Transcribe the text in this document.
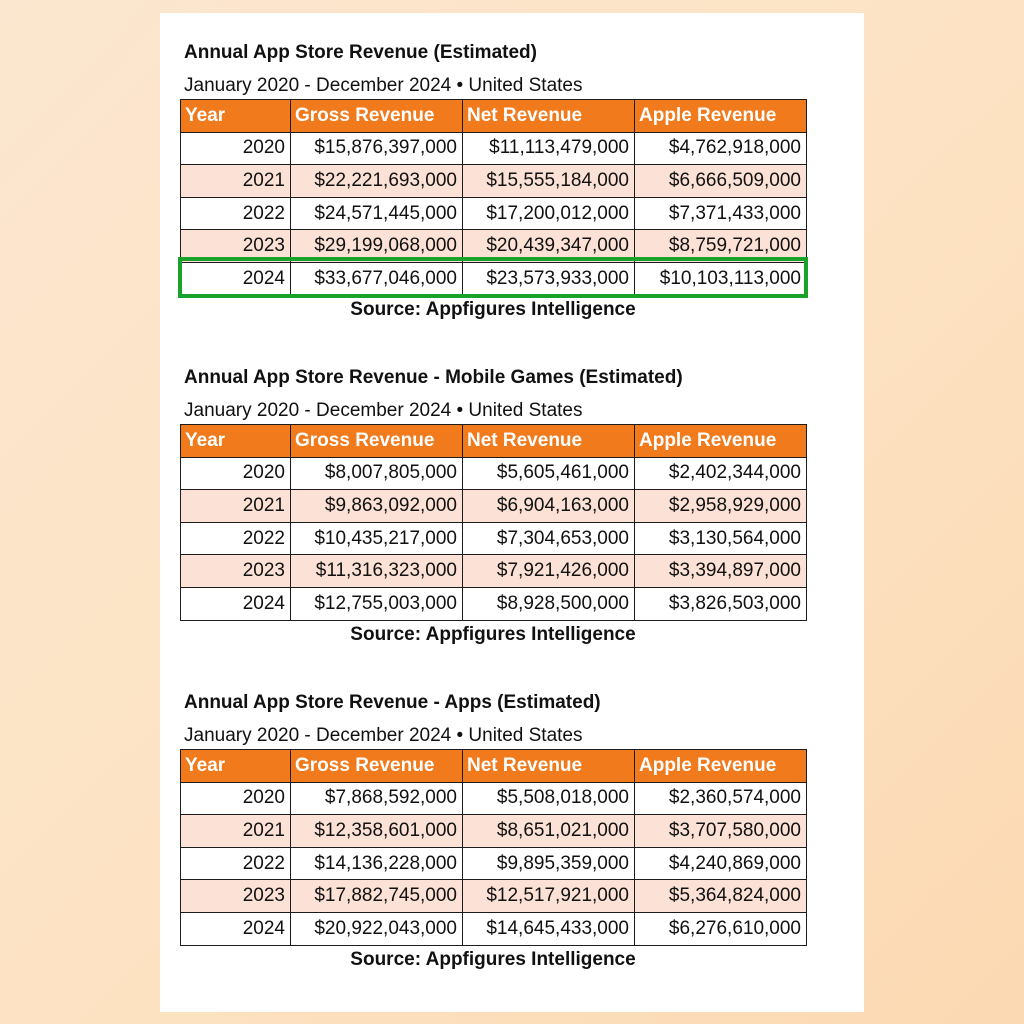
Annual App Store Revenue (Estimated)
January 2020 - December 2024 • United States
Year	Gross Revenue	Net Revenue	Apple Revenue
2020	$15,876,397,000	$11,113,479,000	$4,762,918,000
2021	$22,221,693,000	$15,555,184,000	$6,666,509,000
2022	$24,571,445,000	$17,200,012,000	$7,371,433,000
2023	$29,199,068,000	$20,439,347,000	$8,759,721,000
2024	$33,677,046,000	$23,573,933,000	$10,103,113,000
Source: Appfigures Intelligence
Annual App Store Revenue - Mobile Games (Estimated)
January 2020 - December 2024 • United States
Year	Gross Revenue	Net Revenue	Apple Revenue
2020	$8,007,805,000	$5,605,461,000	$2,402,344,000
2021	$9,863,092,000	$6,904,163,000	$2,958,929,000
2022	$10,435,217,000	$7,304,653,000	$3,130,564,000
2023	$11,316,323,000	$7,921,426,000	$3,394,897,000
2024	$12,755,003,000	$8,928,500,000	$3,826,503,000
Source: Appfigures Intelligence
Annual App Store Revenue - Apps (Estimated)
January 2020 - December 2024 • United States
Year	Gross Revenue	Net Revenue	Apple Revenue
2020	$7,868,592,000	$5,508,018,000	$2,360,574,000
2021	$12,358,601,000	$8,651,021,000	$3,707,580,000
2022	$14,136,228,000	$9,895,359,000	$4,240,869,000
2023	$17,882,745,000	$12,517,921,000	$5,364,824,000
2024	$20,922,043,000	$14,645,433,000	$6,276,610,000
Source: Appfigures Intelligence
